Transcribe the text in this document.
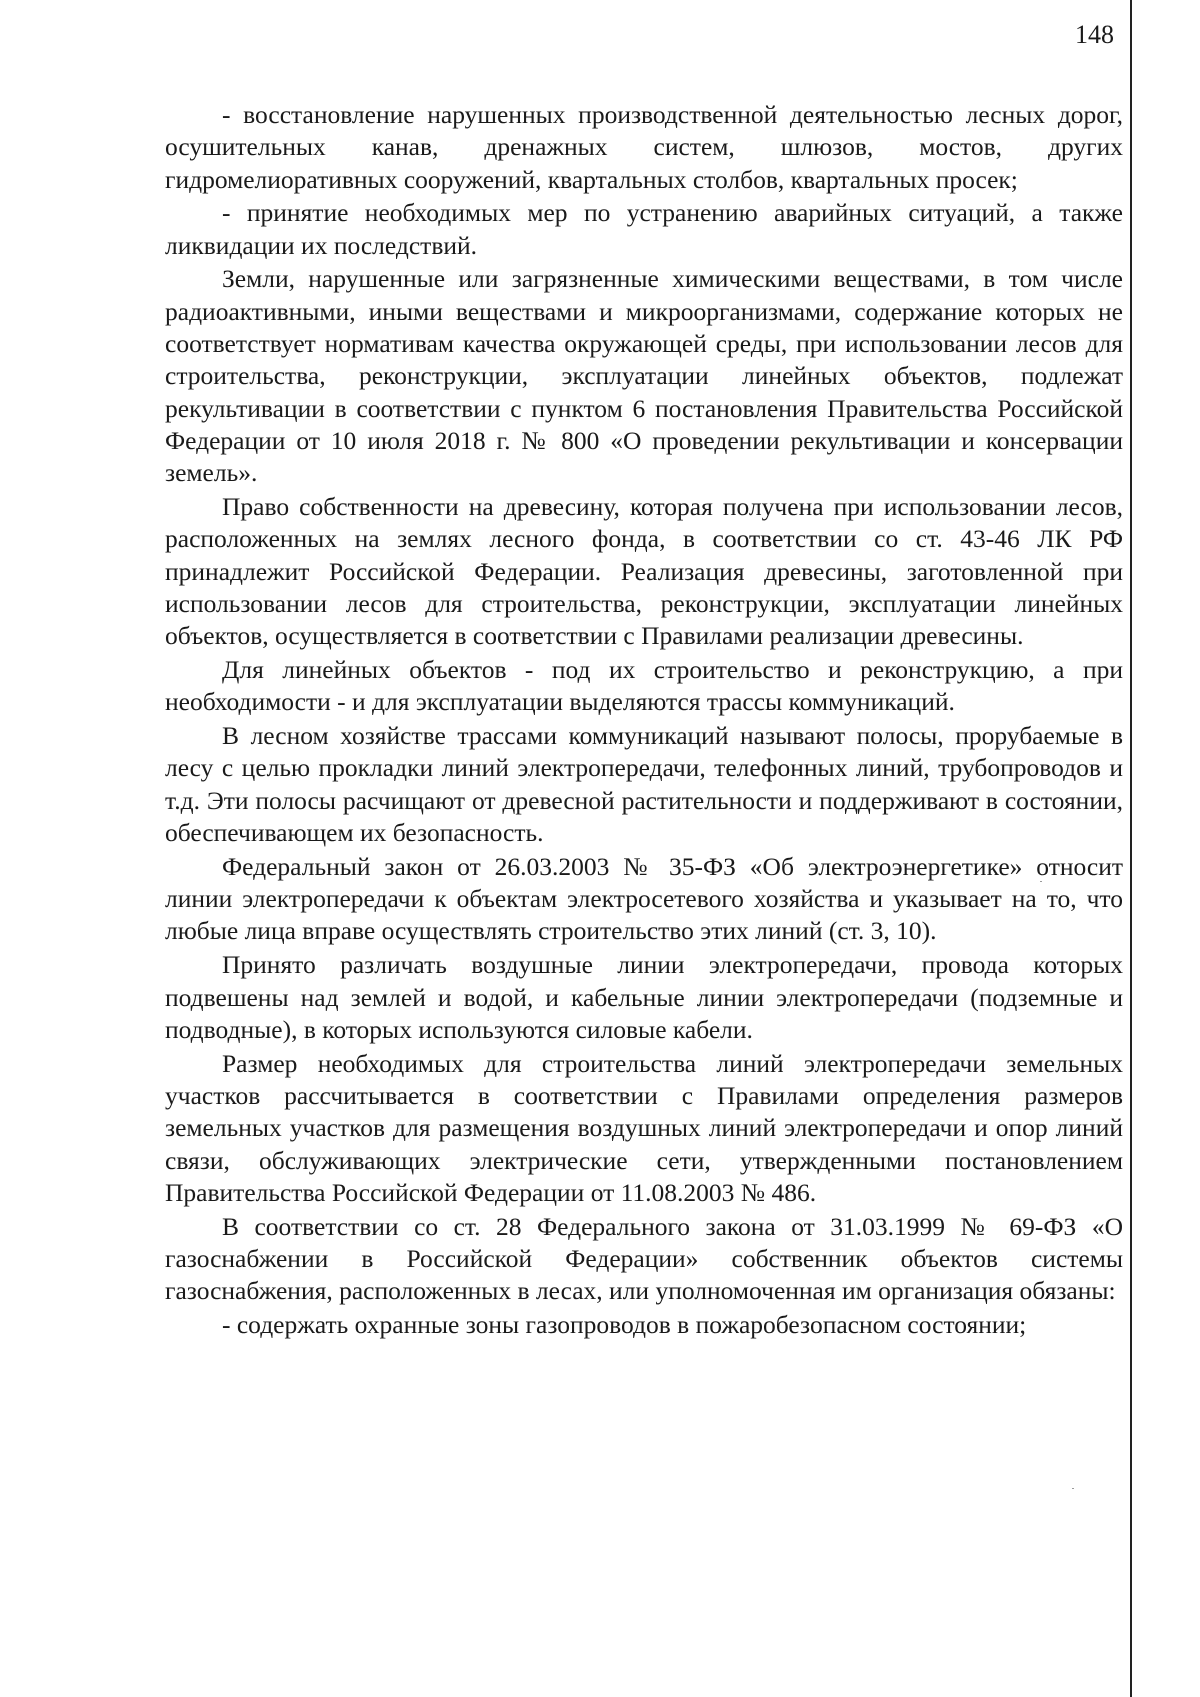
148

- восстановление нарушенных производственной деятельностью лесных дорог, осушительных канав, дренажных систем, шлюзов, мостов, других гидромелиоративных сооружений, квартальных столбов, квартальных просек;

- принятие необходимых мер по устранению аварийных ситуаций, а также ликвидации их последствий.

Земли, нарушенные или загрязненные химическими веществами, в том числе радиоактивными, иными веществами и микроорганизмами, содержание которых не соответствует нормативам качества окружающей среды, при использовании лесов для строительства, реконструкции, эксплуатации линейных объектов, подлежат рекультивации в соответствии с пунктом 6 постановления Правительства Российской Федерации от 10 июля 2018 г. № 800 «О проведении рекультивации и консервации земель».

Право собственности на древесину, которая получена при использовании лесов, расположенных на землях лесного фонда, в соответствии со ст. 43-46 ЛК РФ принадлежит Российской Федерации. Реализация древесины, заготовленной при использовании лесов для строительства, реконструкции, эксплуатации линейных объектов, осуществляется в соответствии с Правилами реализации древесины.

Для линейных объектов - под их строительство и реконструкцию, а при необходимости - и для эксплуатации выделяются трассы коммуникаций.

В лесном хозяйстве трассами коммуникаций называют полосы, прорубаемые в лесу с целью прокладки линий электропередачи, телефонных линий, трубопроводов и т.д. Эти полосы расчищают от древесной растительности и поддерживают в состоянии, обеспечивающем их безопасность.

Федеральный закон от 26.03.2003 № 35-ФЗ «Об электроэнергетике» относит линии электропередачи к объектам электросетевого хозяйства и указывает на то, что любые лица вправе осуществлять строительство этих линий (ст. 3, 10).

Принято различать воздушные линии электропередачи, провода которых подвешены над землей и водой, и кабельные линии электропередачи (подземные и подводные), в которых используются силовые кабели.

Размер необходимых для строительства линий электропередачи земельных участков рассчитывается в соответствии с Правилами определения размеров земельных участков для размещения воздушных линий электропередачи и опор линий связи, обслуживающих электрические сети, утвержденными постановлением Правительства Российской Федерации от 11.08.2003 № 486.

В соответствии со ст. 28 Федерального закона от 31.03.1999 № 69-ФЗ «О газоснабжении в Российской Федерации» собственник объектов системы газоснабжения, расположенных в лесах, или уполномоченная им организация обязаны:

- содержать охранные зоны газопроводов в пожаробезопасном состоянии;
